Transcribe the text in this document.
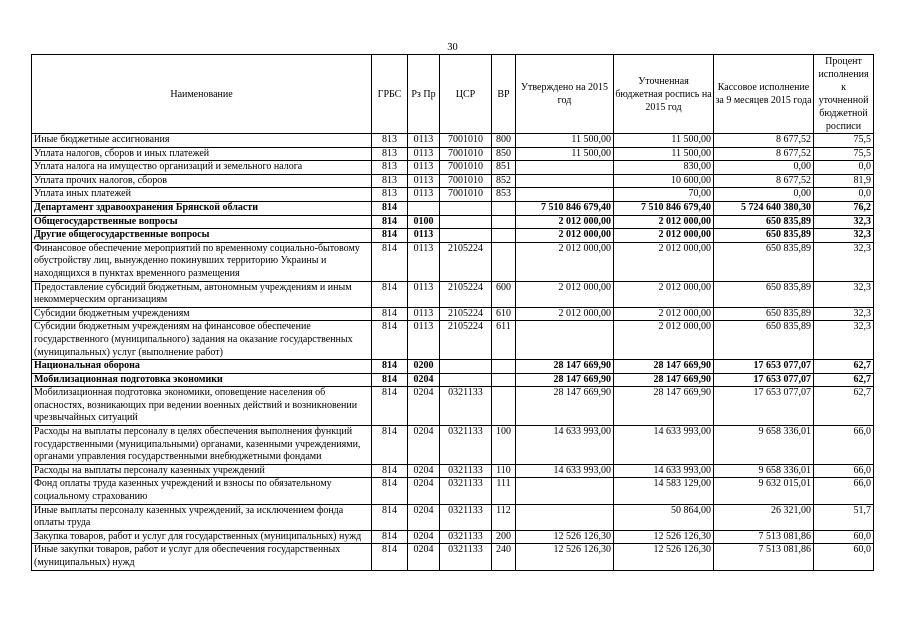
30
Наименование	ГРБС	Рз Пр	ЦСР	ВР	Утверждено на 2015 год	Уточненная бюджетная роспись на 2015 год	Кассовое исполнение за 9 месяцев 2015 года	Процент исполнения к уточненной бюджетной росписи
Иные бюджетные ассигнования	813	0113	7001010	800	11 500,00	11 500,00	8 677,52	75,5
Уплата налогов, сборов и иных платежей	813	0113	7001010	850	11 500,00	11 500,00	8 677,52	75,5
Уплата налога на имущество организаций и земельного налога	813	0113	7001010	851		830,00	0,00	0,0
Уплата прочих налогов, сборов	813	0113	7001010	852		10 600,00	8 677,52	81,9
Уплата иных платежей	813	0113	7001010	853		70,00	0,00	0,0
Департамент здравоохранения Брянской области	814				7 510 846 679,40	7 510 846 679,40	5 724 640 380,30	76,2
Общегосударственные вопросы	814	0100			2 012 000,00	2 012 000,00	650 835,89	32,3
Другие общегосударственные вопросы	814	0113			2 012 000,00	2 012 000,00	650 835,89	32,3
Финансовое обеспечение мероприятий по временному социально-бытовому обустройству лиц, вынужденно покинувших территорию Украины и находящихся в пунктах временного размещения	814	0113	2105224		2 012 000,00	2 012 000,00	650 835,89	32,3
Предоставление субсидий бюджетным, автономным учреждениям и иным некоммерческим организациям	814	0113	2105224	600	2 012 000,00	2 012 000,00	650 835,89	32,3
Субсидии бюджетным учреждениям	814	0113	2105224	610	2 012 000,00	2 012 000,00	650 835,89	32,3
Субсидии бюджетным учреждениям на финансовое обеспечение государственного (муниципального) задания на оказание государственных (муниципальных) услуг (выполнение работ)	814	0113	2105224	611		2 012 000,00	650 835,89	32,3
Национальная оборона	814	0200			28 147 669,90	28 147 669,90	17 653 077,07	62,7
Мобилизационная подготовка экономики	814	0204			28 147 669,90	28 147 669,90	17 653 077,07	62,7
Мобилизационная подготовка экономики, оповещение населения об опасностях, возникающих при ведении военных действий и возникновении чрезвычайных ситуаций	814	0204	0321133		28 147 669,90	28 147 669,90	17 653 077,07	62,7
Расходы на выплаты персоналу в целях обеспечения выполнения функций государственными (муниципальными) органами, казенными учреждениями, органами управления государственными внебюджетными фондами	814	0204	0321133	100	14 633 993,00	14 633 993,00	9 658 336,01	66,0
Расходы на выплаты персоналу казенных учреждений	814	0204	0321133	110	14 633 993,00	14 633 993,00	9 658 336,01	66,0
Фонд оплаты труда казенных учреждений и взносы по обязательному социальному страхованию	814	0204	0321133	111		14 583 129,00	9 632 015,01	66,0
Иные выплаты персоналу казенных учреждений, за исключением фонда оплаты труда	814	0204	0321133	112		50 864,00	26 321,00	51,7
Закупка товаров, работ и услуг для государственных (муниципальных) нужд	814	0204	0321133	200	12 526 126,30	12 526 126,30	7 513 081,86	60,0
Иные закупки товаров, работ и услуг для обеспечения государственных (муниципальных) нужд	814	0204	0321133	240	12 526 126,30	12 526 126,30	7 513 081,86	60,0
